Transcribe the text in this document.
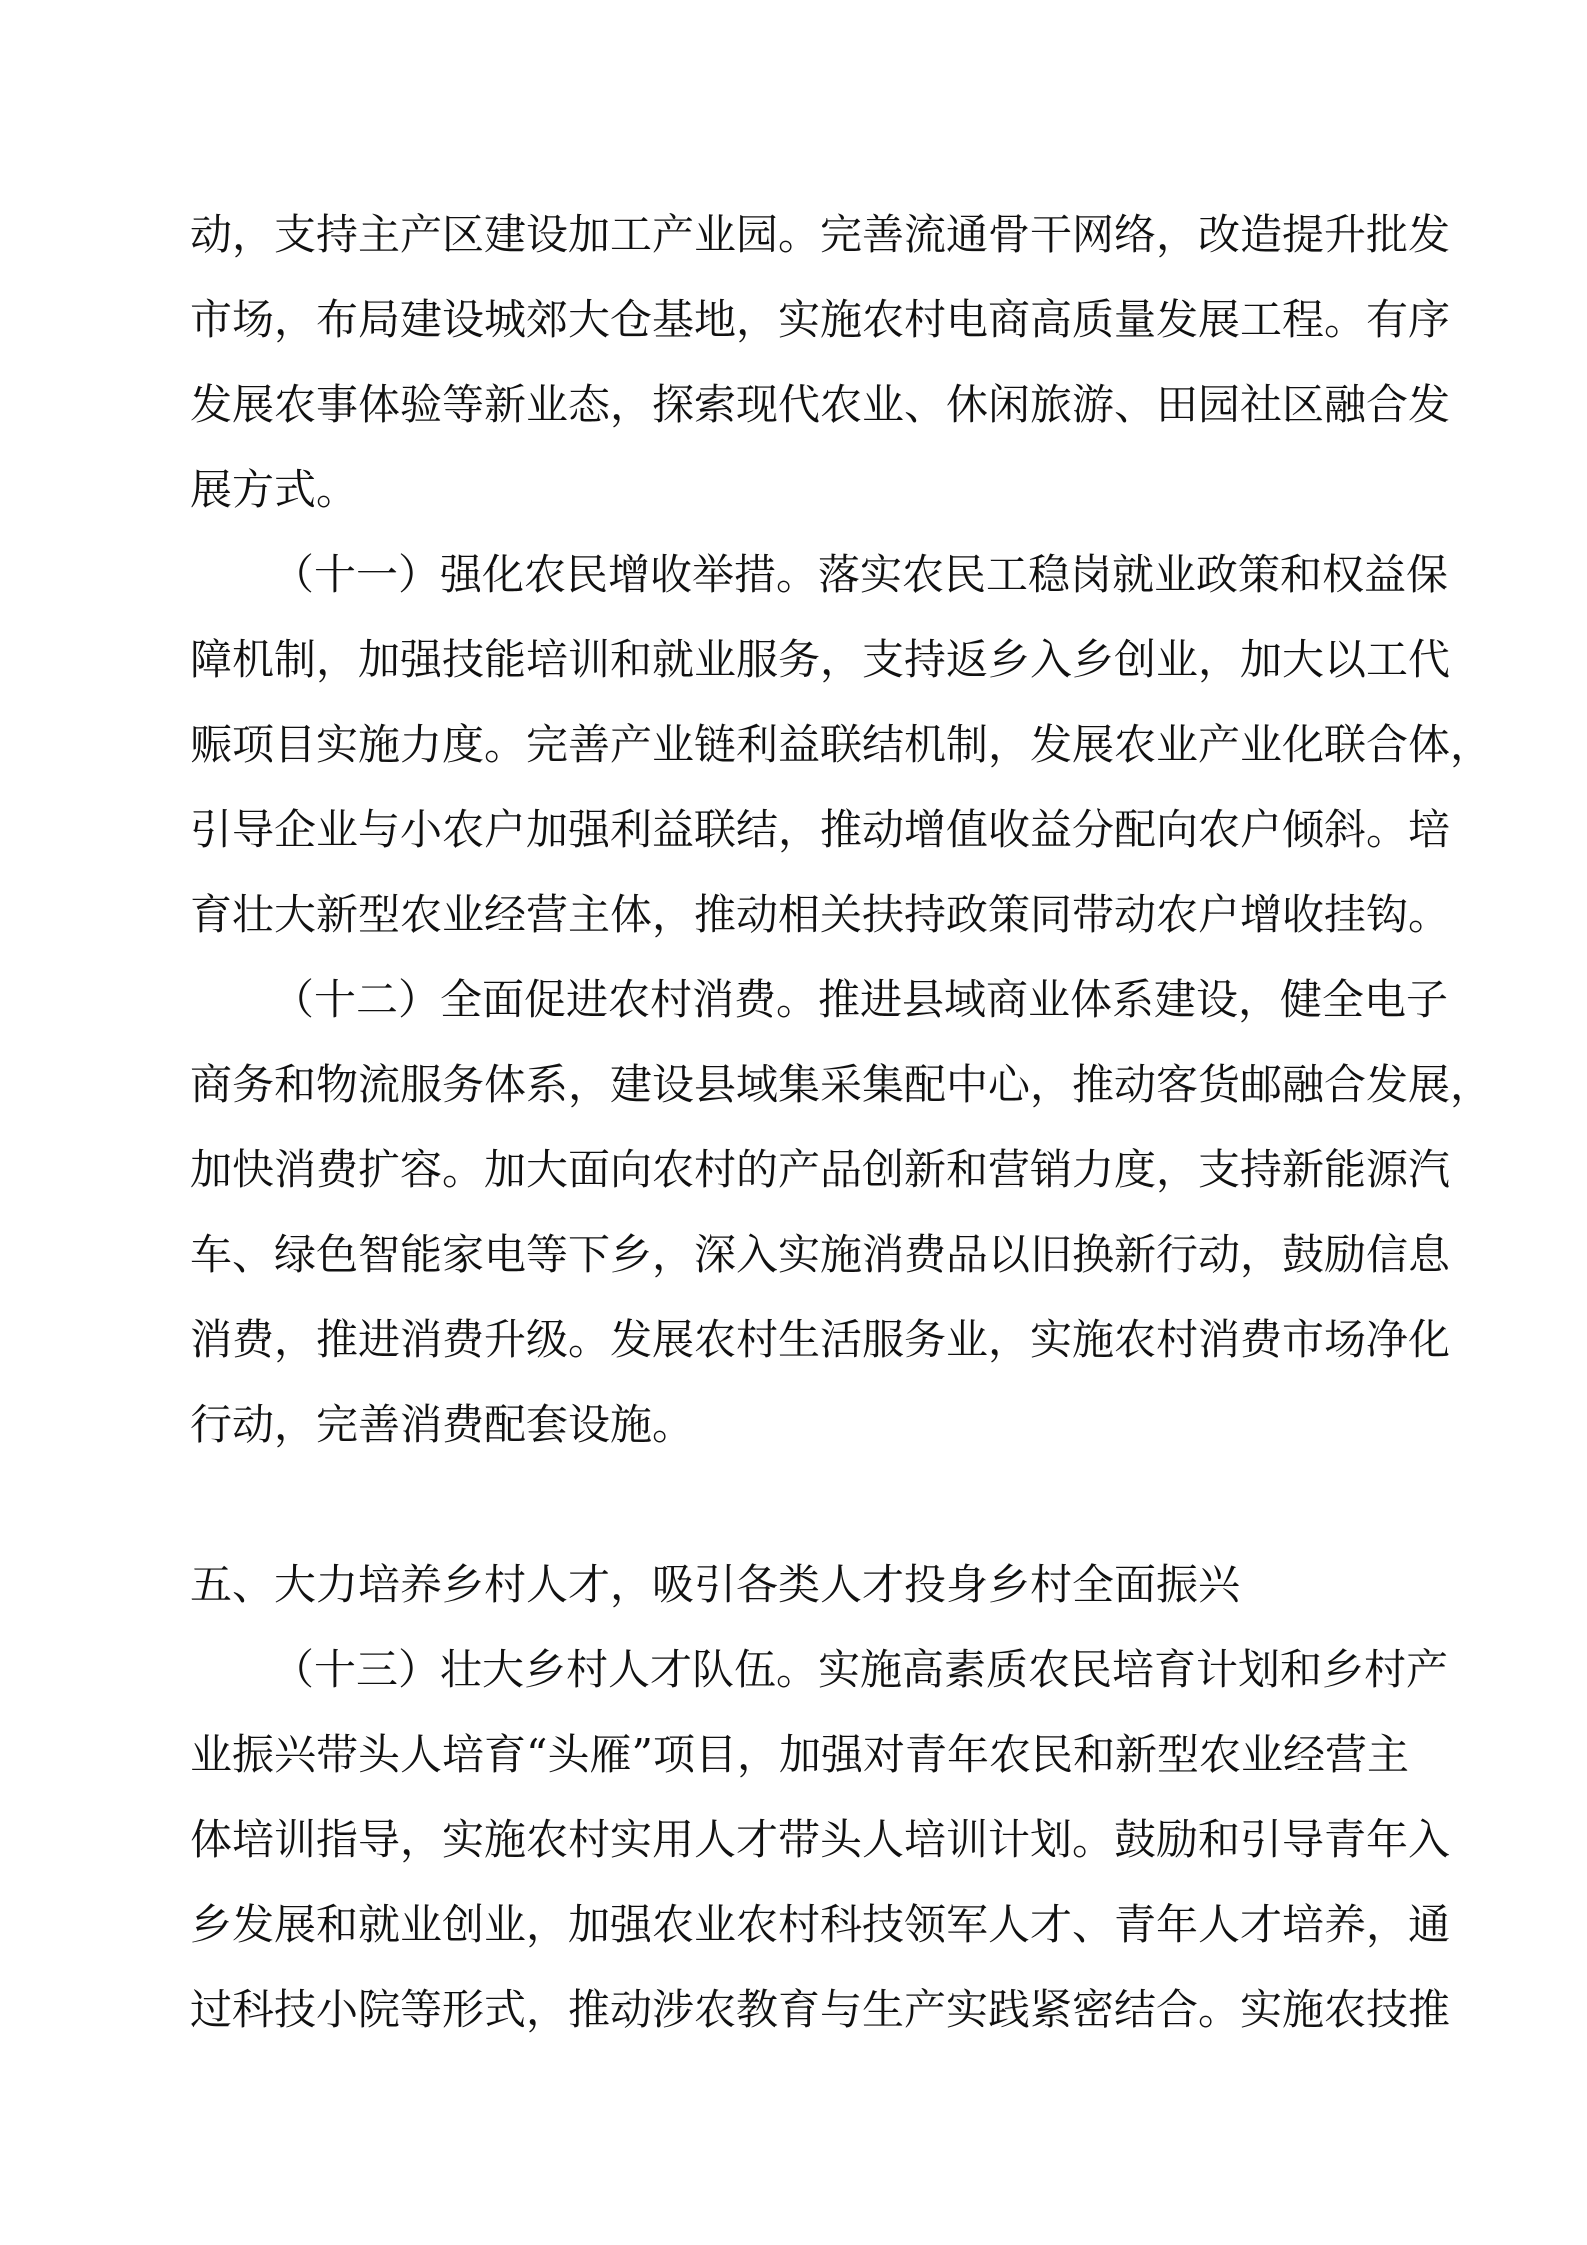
动，支持主产区建设加工产业园。完善流通骨干网络，改造提升批发
市场，布局建设城郊大仓基地，实施农村电商高质量发展工程。有序
发展农事体验等新业态，探索现代农业、休闲旅游、田园社区融合发
展方式。
（十一）强化农民增收举措。落实农民工稳岗就业政策和权益保
障机制，加强技能培训和就业服务，支持返乡入乡创业，加大以工代
赈项目实施力度。完善产业链利益联结机制，发展农业产业化联合体，
引导企业与小农户加强利益联结，推动增值收益分配向农户倾斜。培
育壮大新型农业经营主体，推动相关扶持政策同带动农户增收挂钩。
（十二）全面促进农村消费。推进县域商业体系建设，健全电子
商务和物流服务体系，建设县域集采集配中心，推动客货邮融合发展，
加快消费扩容。加大面向农村的产品创新和营销力度，支持新能源汽
车、绿色智能家电等下乡，深入实施消费品以旧换新行动，鼓励信息
消费，推进消费升级。发展农村生活服务业，实施农村消费市场净化
行动，完善消费配套设施。
五、大力培养乡村人才，吸引各类人才投身乡村全面振兴
（十三）壮大乡村人才队伍。实施高素质农民培育计划和乡村产
业振兴带头人培育“头雁”项目，加强对青年农民和新型农业经营主
体培训指导，实施农村实用人才带头人培训计划。鼓励和引导青年入
乡发展和就业创业，加强农业农村科技领军人才、青年人才培养，通
过科技小院等形式，推动涉农教育与生产实践紧密结合。实施农技推
